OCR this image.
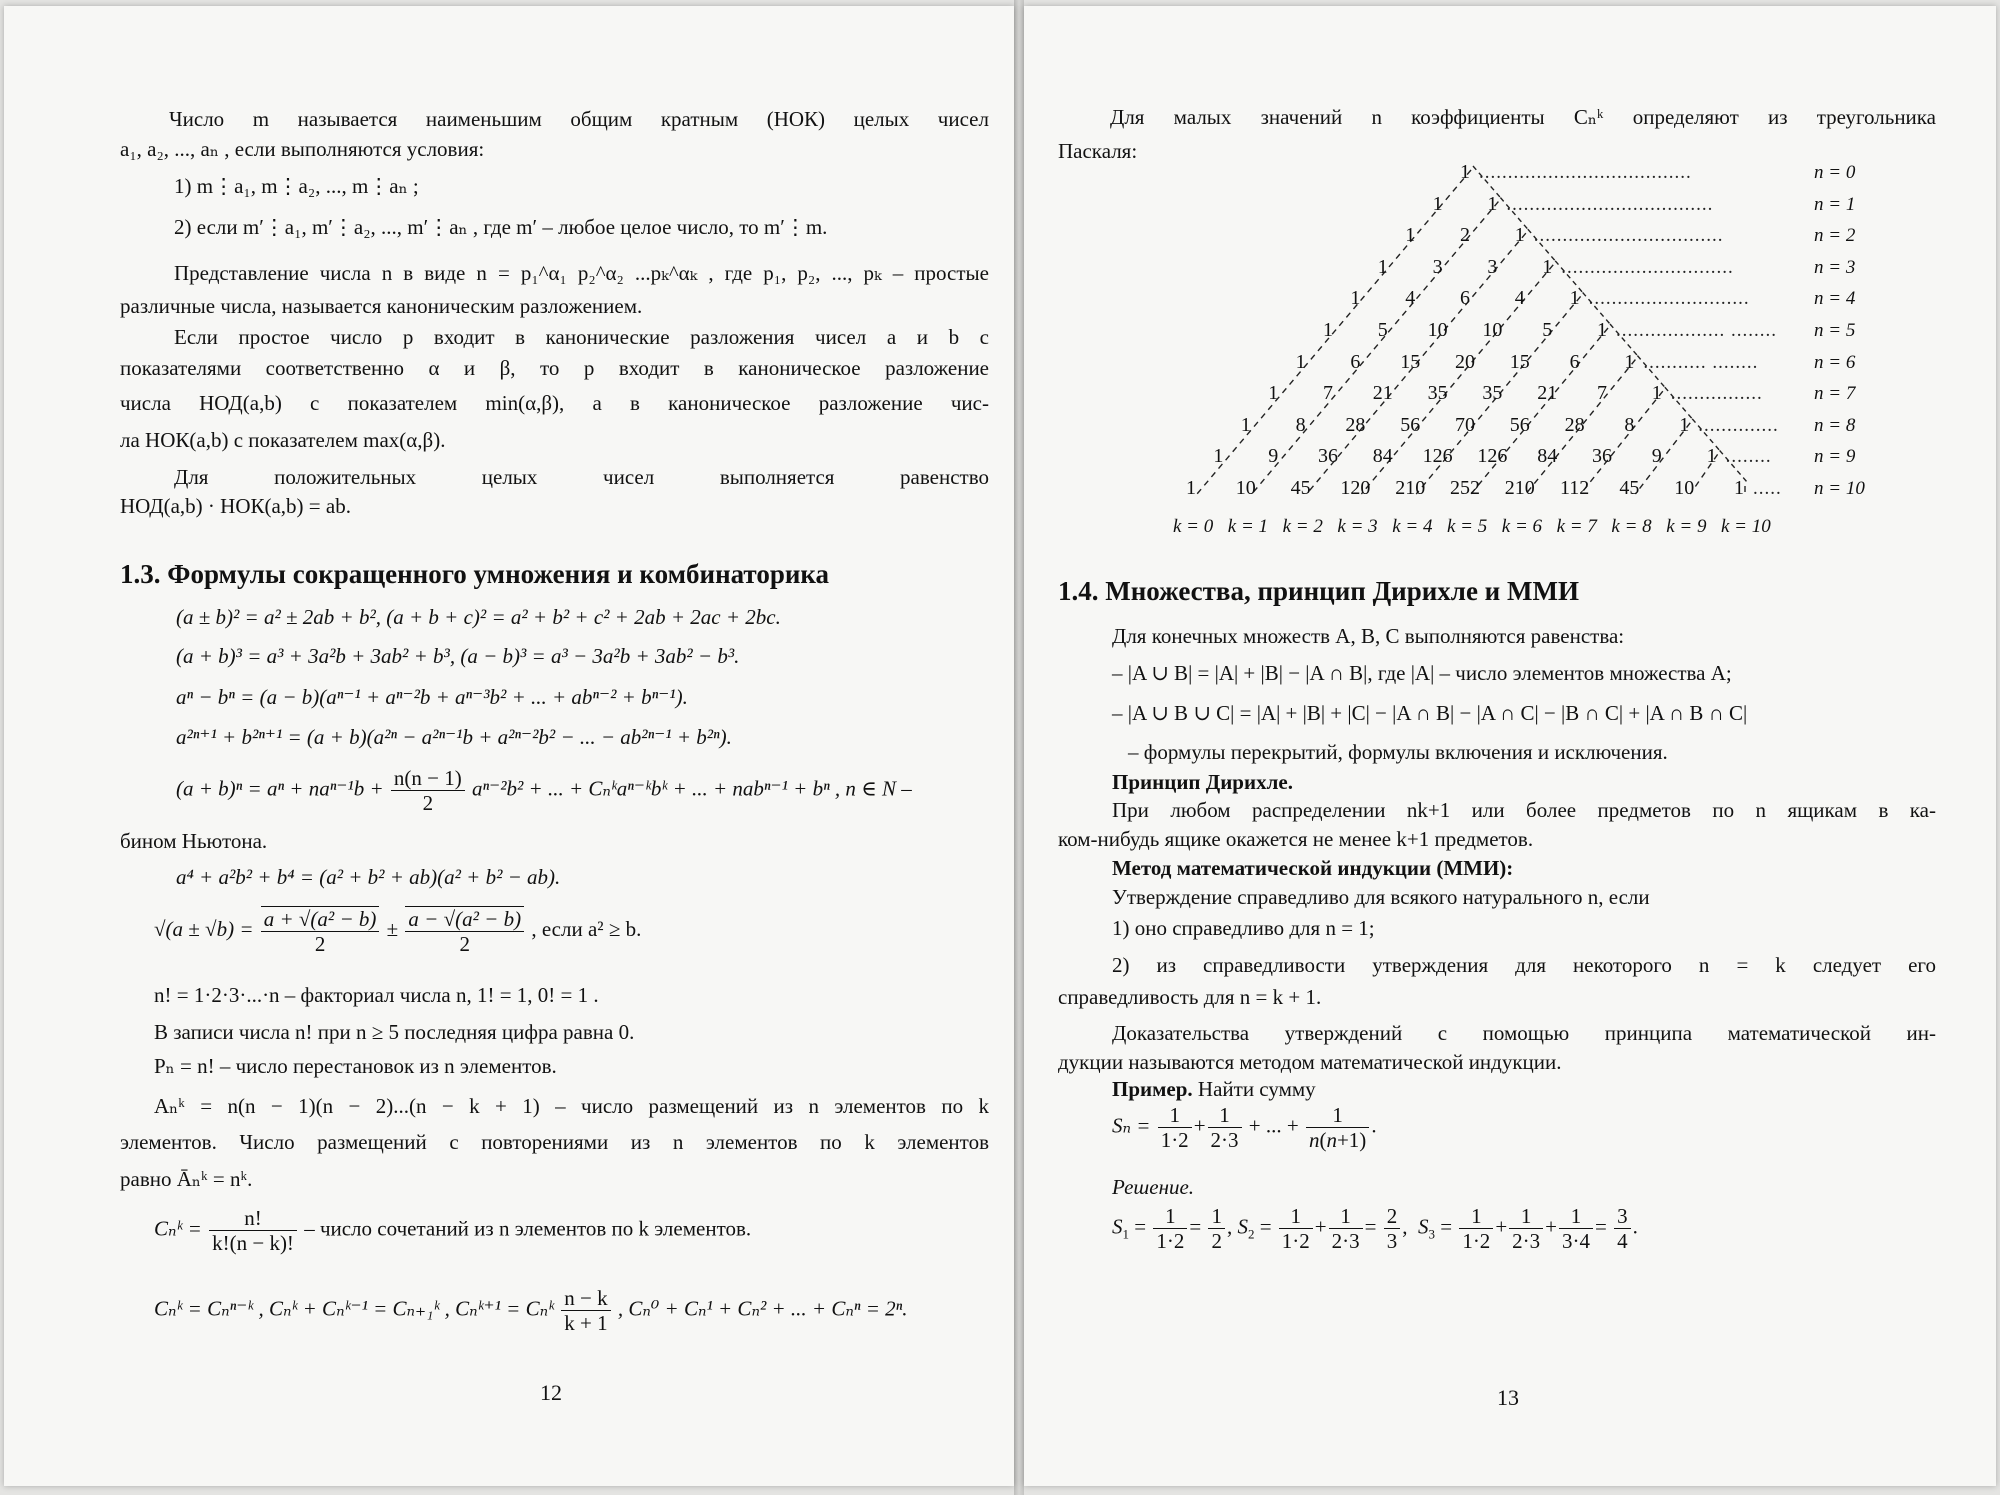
Число m называется наименьшим общим кратным (НОК) целых чисел
a₁, a₂, ..., aₙ , если выполняются условия:
1) m⋮a₁, m⋮a₂, ..., m⋮aₙ ;
2) если m′⋮a₁, m′⋮a₂, ..., m′⋮aₙ , где m′ – любое целое число, то m′⋮m.
Представление числа n в виде n = p₁^α₁ p₂^α₂ ...pₖ^αₖ , где p₁, p₂, ..., pₖ – простые
различные числа, называется каноническим разложением.
Если простое число p входит в канонические разложения чисел a и b с
показателями соответственно α и β, то p входит в каноническое разложение
числа НОД(a,b) с показателем min(α,β), а в каноническое разложение чис-
ла НОК(a,b) с показателем max(α,β).
Для положительных целых чисел выполняется равенство
НОД(a,b) · НОК(a,b) = ab.
1.3. Формулы сокращенного умножения и комбинаторика
(a ± b)² = a² ± 2ab + b², (a + b + c)² = a² + b² + c² + 2ab + 2ac + 2bc.
(a + b)³ = a³ + 3a²b + 3ab² + b³, (a − b)³ = a³ − 3a²b + 3ab² − b³.
aⁿ − bⁿ = (a − b)(aⁿ⁻¹ + aⁿ⁻²b + aⁿ⁻³b² + ... + abⁿ⁻² + bⁿ⁻¹).
a²ⁿ⁺¹ + b²ⁿ⁺¹ = (a + b)(a²ⁿ − a²ⁿ⁻¹b + a²ⁿ⁻²b² − ... − ab²ⁿ⁻¹ + b²ⁿ).
$(a + b)^n = a^n + na^{n-1}b + \frac{n(n - 1)}{2} a^{n-2}b^2$ + ... + Cₙᵏaⁿ⁻ᵏbᵏ + ... + nabⁿ⁻¹ + bⁿ , n ∈ N –
бином Ньютона.
a⁴ + a²b² + b⁴ = (a² + b² + ab)(a² + b² − ab).
$√(a \pm √b) = \frac{\text{a + √(a² − b)}}{2} \pm \frac{\text{a − √(a² − b)}}{2}$ , если a² ≥ b.
n! = 1·2·3·...·n – факториал числа n, 1! = 1, 0! = 1 .
В записи числа n! при n ≥ 5 последняя цифра равна 0.
Pₙ = n! – число перестановок из n элементов.
Aₙᵏ = n(n − 1)(n − 2)...(n − k + 1) – число размещений из n элементов по k
элементов. Число размещений с повторениями из n элементов по k элементов
равно Āₙᵏ = nᵏ.
Cₙᵏ = $\frac{n!}{k!(n - k)!}$ – число сочетаний из n элементов по k элементов.
Cₙᵏ = Cₙⁿ⁻ᵏ , Cₙᵏ + Cₙᵏ⁻¹ = Cₙ₊₁ᵏ , Cₙᵏ⁺¹ = Cₙᵏ $\frac{n - k}{k + 1}$ , Cₙ⁰ + Cₙ¹ + Cₙ² + ... + Cₙⁿ = 2ⁿ.
12
Для малых значений n коэффициенты Cₙᵏ определяют из треугольника
Паскаля:
1 .....................................	n = 0
1 1 ....................................	n = 1
1 2 1 .................................	n = 2
1 3 3 1 ..............................	n = 3
1 4 6 4 1 ............................	n = 4
1 5 10 10 5 1 ................... ........ n = 5
1 6 15 20 15 6 1 ........... ........	n = 6
1 7 21 35 35 21 7 1 ................	n = 7
1 8 28 56 70 56 28 8 1 .............. n = 8
1 9 36 84 126 126 84 36 9 1 ........ n = 9
1 10 45 120 210 252 210 112 45 10 1 ..... n = 10
k = 0 k = 1 k = 2 k = 3 k = 4 k = 5 k = 6 k = 7 k = 8 k = 9 k = 10
1.4. Множества, принцип Дирихле и ММИ
Для конечных множеств A, B, C выполняются равенства:
– |A ∪ B| = |A| + |B| − |A ∩ B|, где |A| – число элементов множества A;
– |A ∪ B ∪ C| = |A| + |B| + |C| − |A ∩ B| − |A ∩ C| − |B ∩ C| + |A ∩ B ∩ C|
– формулы перекрытий, формулы включения и исключения.
Принцип Дирихле.
При любом распределении nk+1 или более предметов по n ящикам в ка-
ком-нибудь ящике окажется не менее k+1 предметов.
Метод математической индукции (ММИ):
Утверждение справедливо для всякого натурального n, если
1) оно справедливо для n = 1;
2) из справедливости утверждения для некоторого n = k следует его
справедливость для n = k + 1.
Доказательства утверждений с помощью принципа математической ин-
дукции называются методом математической индукции.
Пример. Найти сумму
$S_n = \frac{1}{1\cdot 2} + \frac{1}{2\cdot 3}$ + ... + $\frac{1}{n(n+1)}$ .
Решение.
$S_1 = \frac{1}{1\cdot 2} = \frac{1}{2}$ , $S_2 = \frac{1}{1\cdot 2} + \frac{1}{2\cdot 3} = \frac{2}{3}$ ,  $S_3 = \frac{1}{1\cdot 2} + \frac{1}{2\cdot 3} + \frac{1}{3\cdot 4} = \frac{3}{4}$ .
13
